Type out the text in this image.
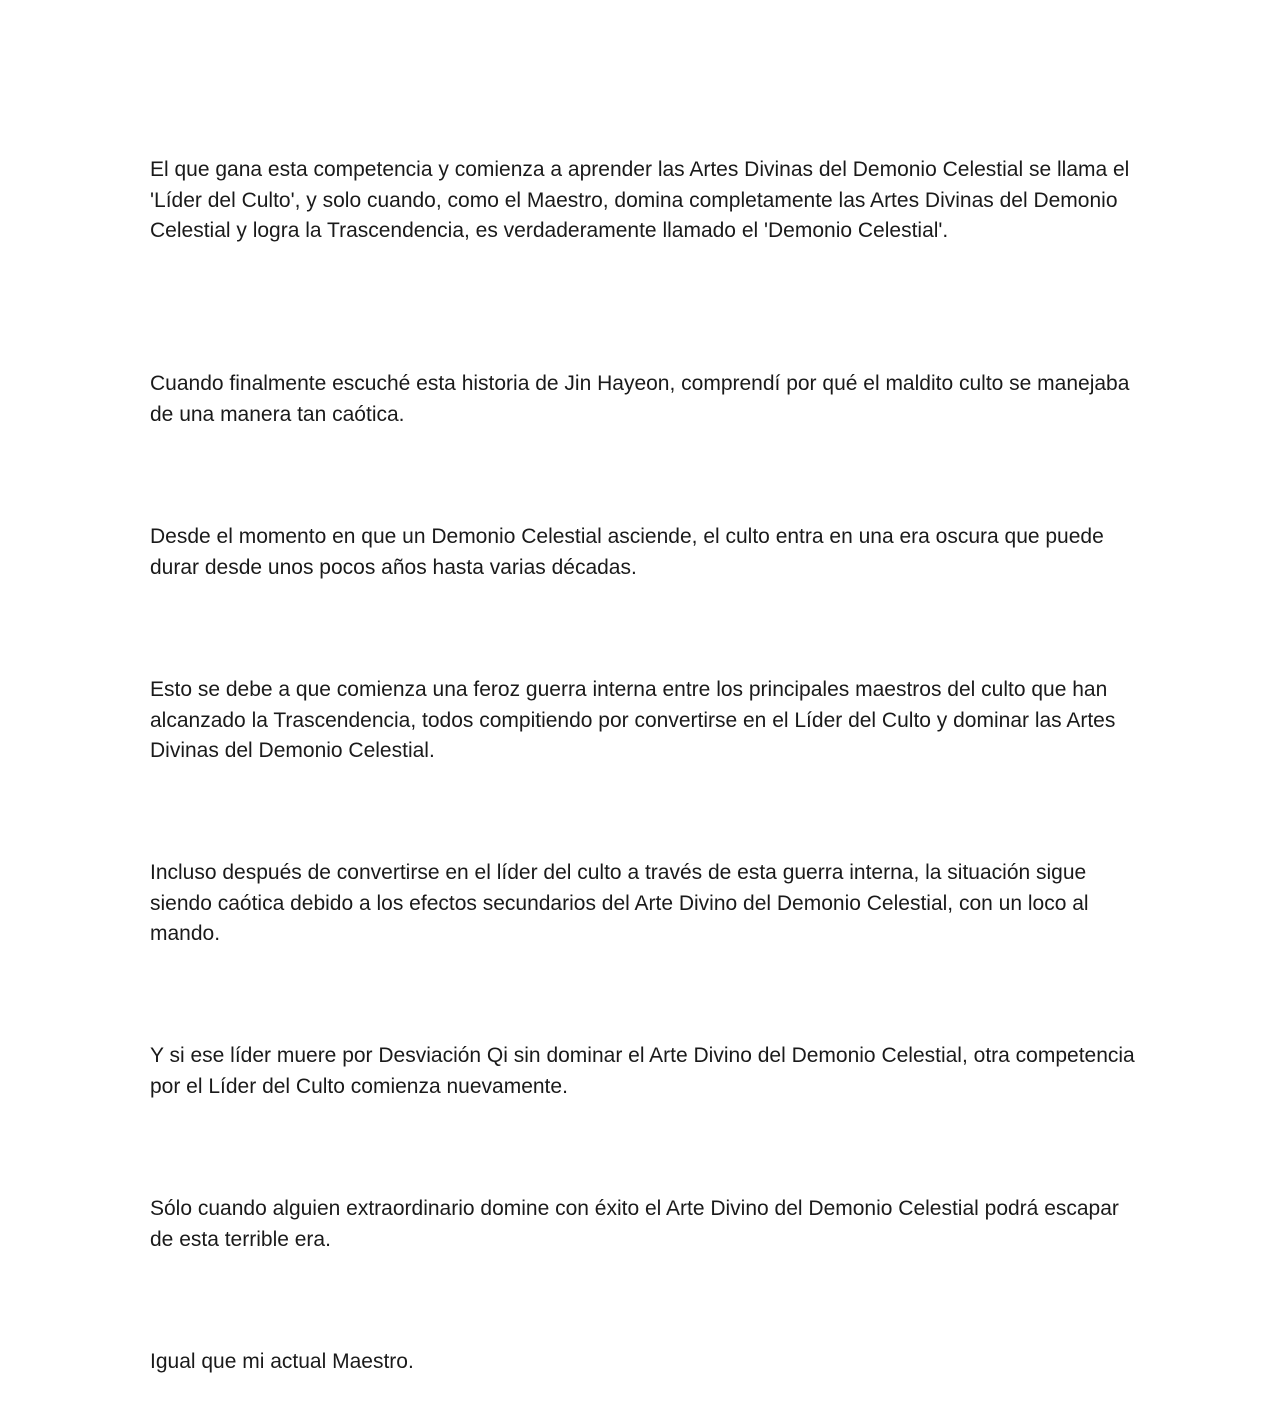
El que gana esta competencia y comienza a aprender las Artes Divinas del Demonio Celestial se llama el 'Líder del Culto', y solo cuando, como el Maestro, domina completamente las Artes Divinas del Demonio Celestial y logra la Trascendencia, es verdaderamente llamado el 'Demonio Celestial'.

Cuando finalmente escuché esta historia de Jin Hayeon, comprendí por qué el maldito culto se manejaba de una manera tan caótica.

Desde el momento en que un Demonio Celestial asciende, el culto entra en una era oscura que puede durar desde unos pocos años hasta varias décadas.

Esto se debe a que comienza una feroz guerra interna entre los principales maestros del culto que han alcanzado la Trascendencia, todos compitiendo por convertirse en el Líder del Culto y dominar las Artes Divinas del Demonio Celestial.

Incluso después de convertirse en el líder del culto a través de esta guerra interna, la situación sigue siendo caótica debido a los efectos secundarios del Arte Divino del Demonio Celestial, con un loco al mando.

Y si ese líder muere por Desviación Qi sin dominar el Arte Divino del Demonio Celestial, otra competencia por el Líder del Culto comienza nuevamente.

Sólo cuando alguien extraordinario domine con éxito el Arte Divino del Demonio Celestial podrá escapar de esta terrible era.

Igual que mi actual Maestro.
